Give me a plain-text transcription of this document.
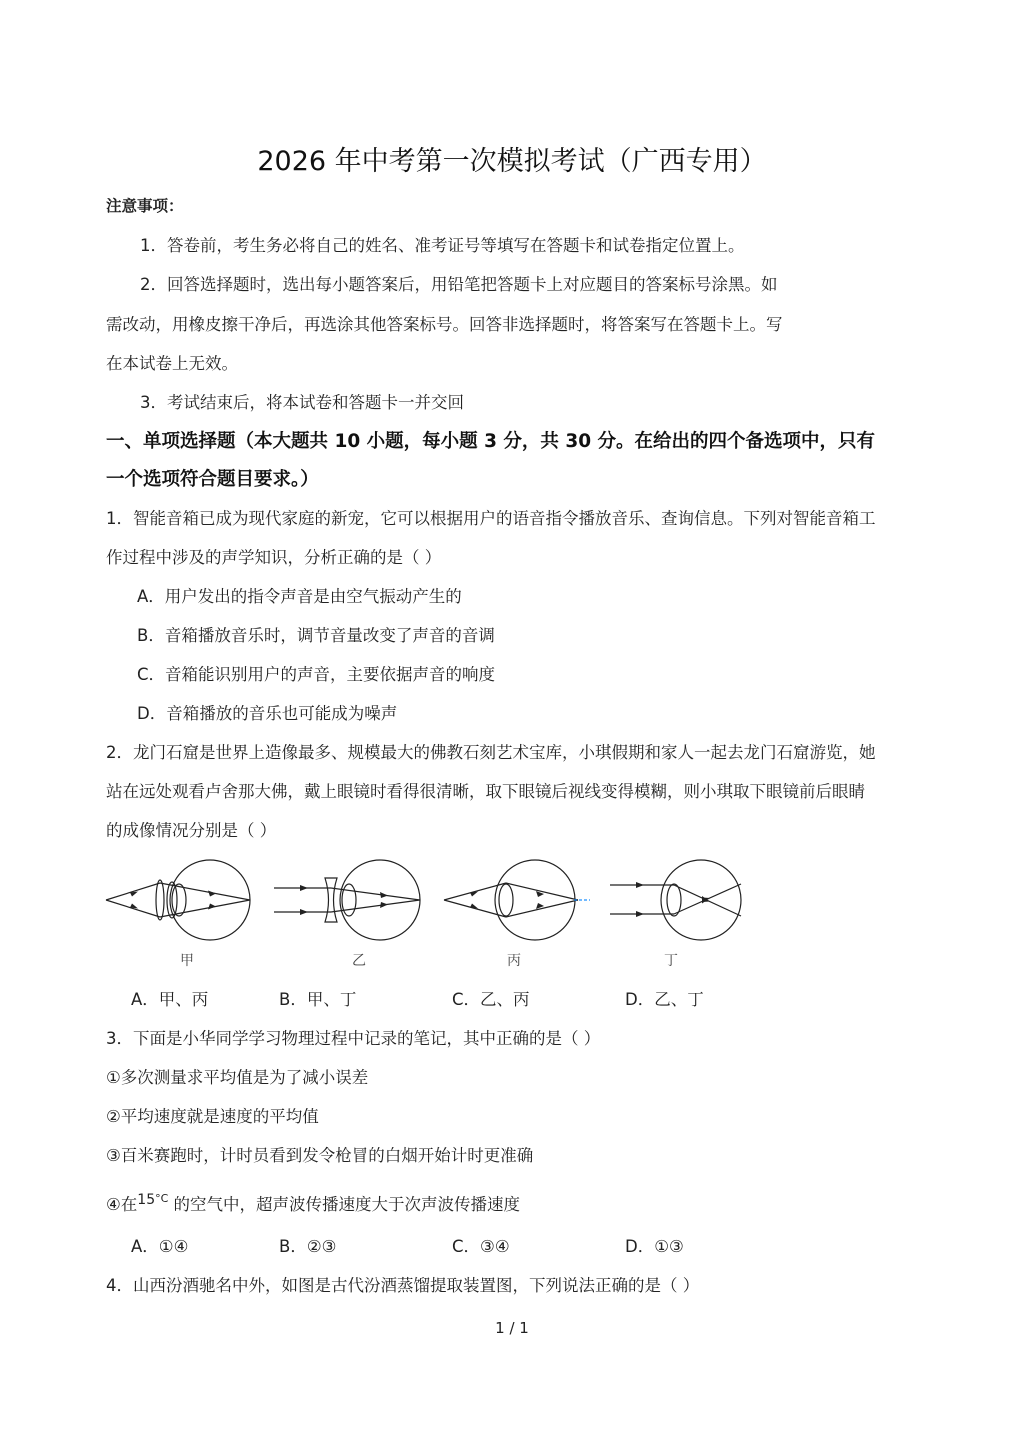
2026 年中考第一次模拟考试（广西专用）
注意事项：
1．答卷前，考生务必将自己的姓名、准考证号等填写在答题卡和试卷指定位置上。
2．回答选择题时，选出每小题答案后，用铅笔把答题卡上对应题目的答案标号涂黑。如
需改动，用橡皮擦干净后，再选涂其他答案标号。回答非选择题时，将答案写在答题卡上。写
在本试卷上无效。
3．考试结束后，将本试卷和答题卡一并交回
一、单项选择题（本大题共 10 小题，每小题 3 分，共 30 分。在给出的四个备选项中，只有
一个选项符合题目要求。）
1．智能音箱已成为现代家庭的新宠，它可以根据用户的语音指令播放音乐、查询信息。下列对智能音箱工
作过程中涉及的声学知识，分析正确的是（ ）
A．用户发出的指令声音是由空气振动产生的
B．音箱播放音乐时，调节音量改变了声音的音调
C．音箱能识别用户的声音，主要依据声音的响度
D．音箱播放的音乐也可能成为噪声
2．龙门石窟是世界上造像最多、规模最大的佛教石刻艺术宝库，小琪假期和家人一起去龙门石窟游览，她
站在远处观看卢舍那大佛，戴上眼镜时看得很清晰，取下眼镜后视线变得模糊，则小琪取下眼镜前后眼睛
的成像情况分别是（ ）
甲	乙	丙	丁
A．甲、丙	B．甲、丁	C．乙、丙	D．乙、丁
3．下面是小华同学学习物理过程中记录的笔记，其中正确的是（ ）
①多次测量求平均值是为了减小误差
②平均速度就是速度的平均值
③百米赛跑时，计时员看到发令枪冒的白烟开始计时更准确
④在$^{15^\circ C}$ 的空气中，超声波传播速度大于次声波传播速度
A．①④	B．②③	C．③④	D．①③
4．山西汾酒驰名中外，如图是古代汾酒蒸馏提取装置图，下列说法正确的是（ ）
1 / 1
